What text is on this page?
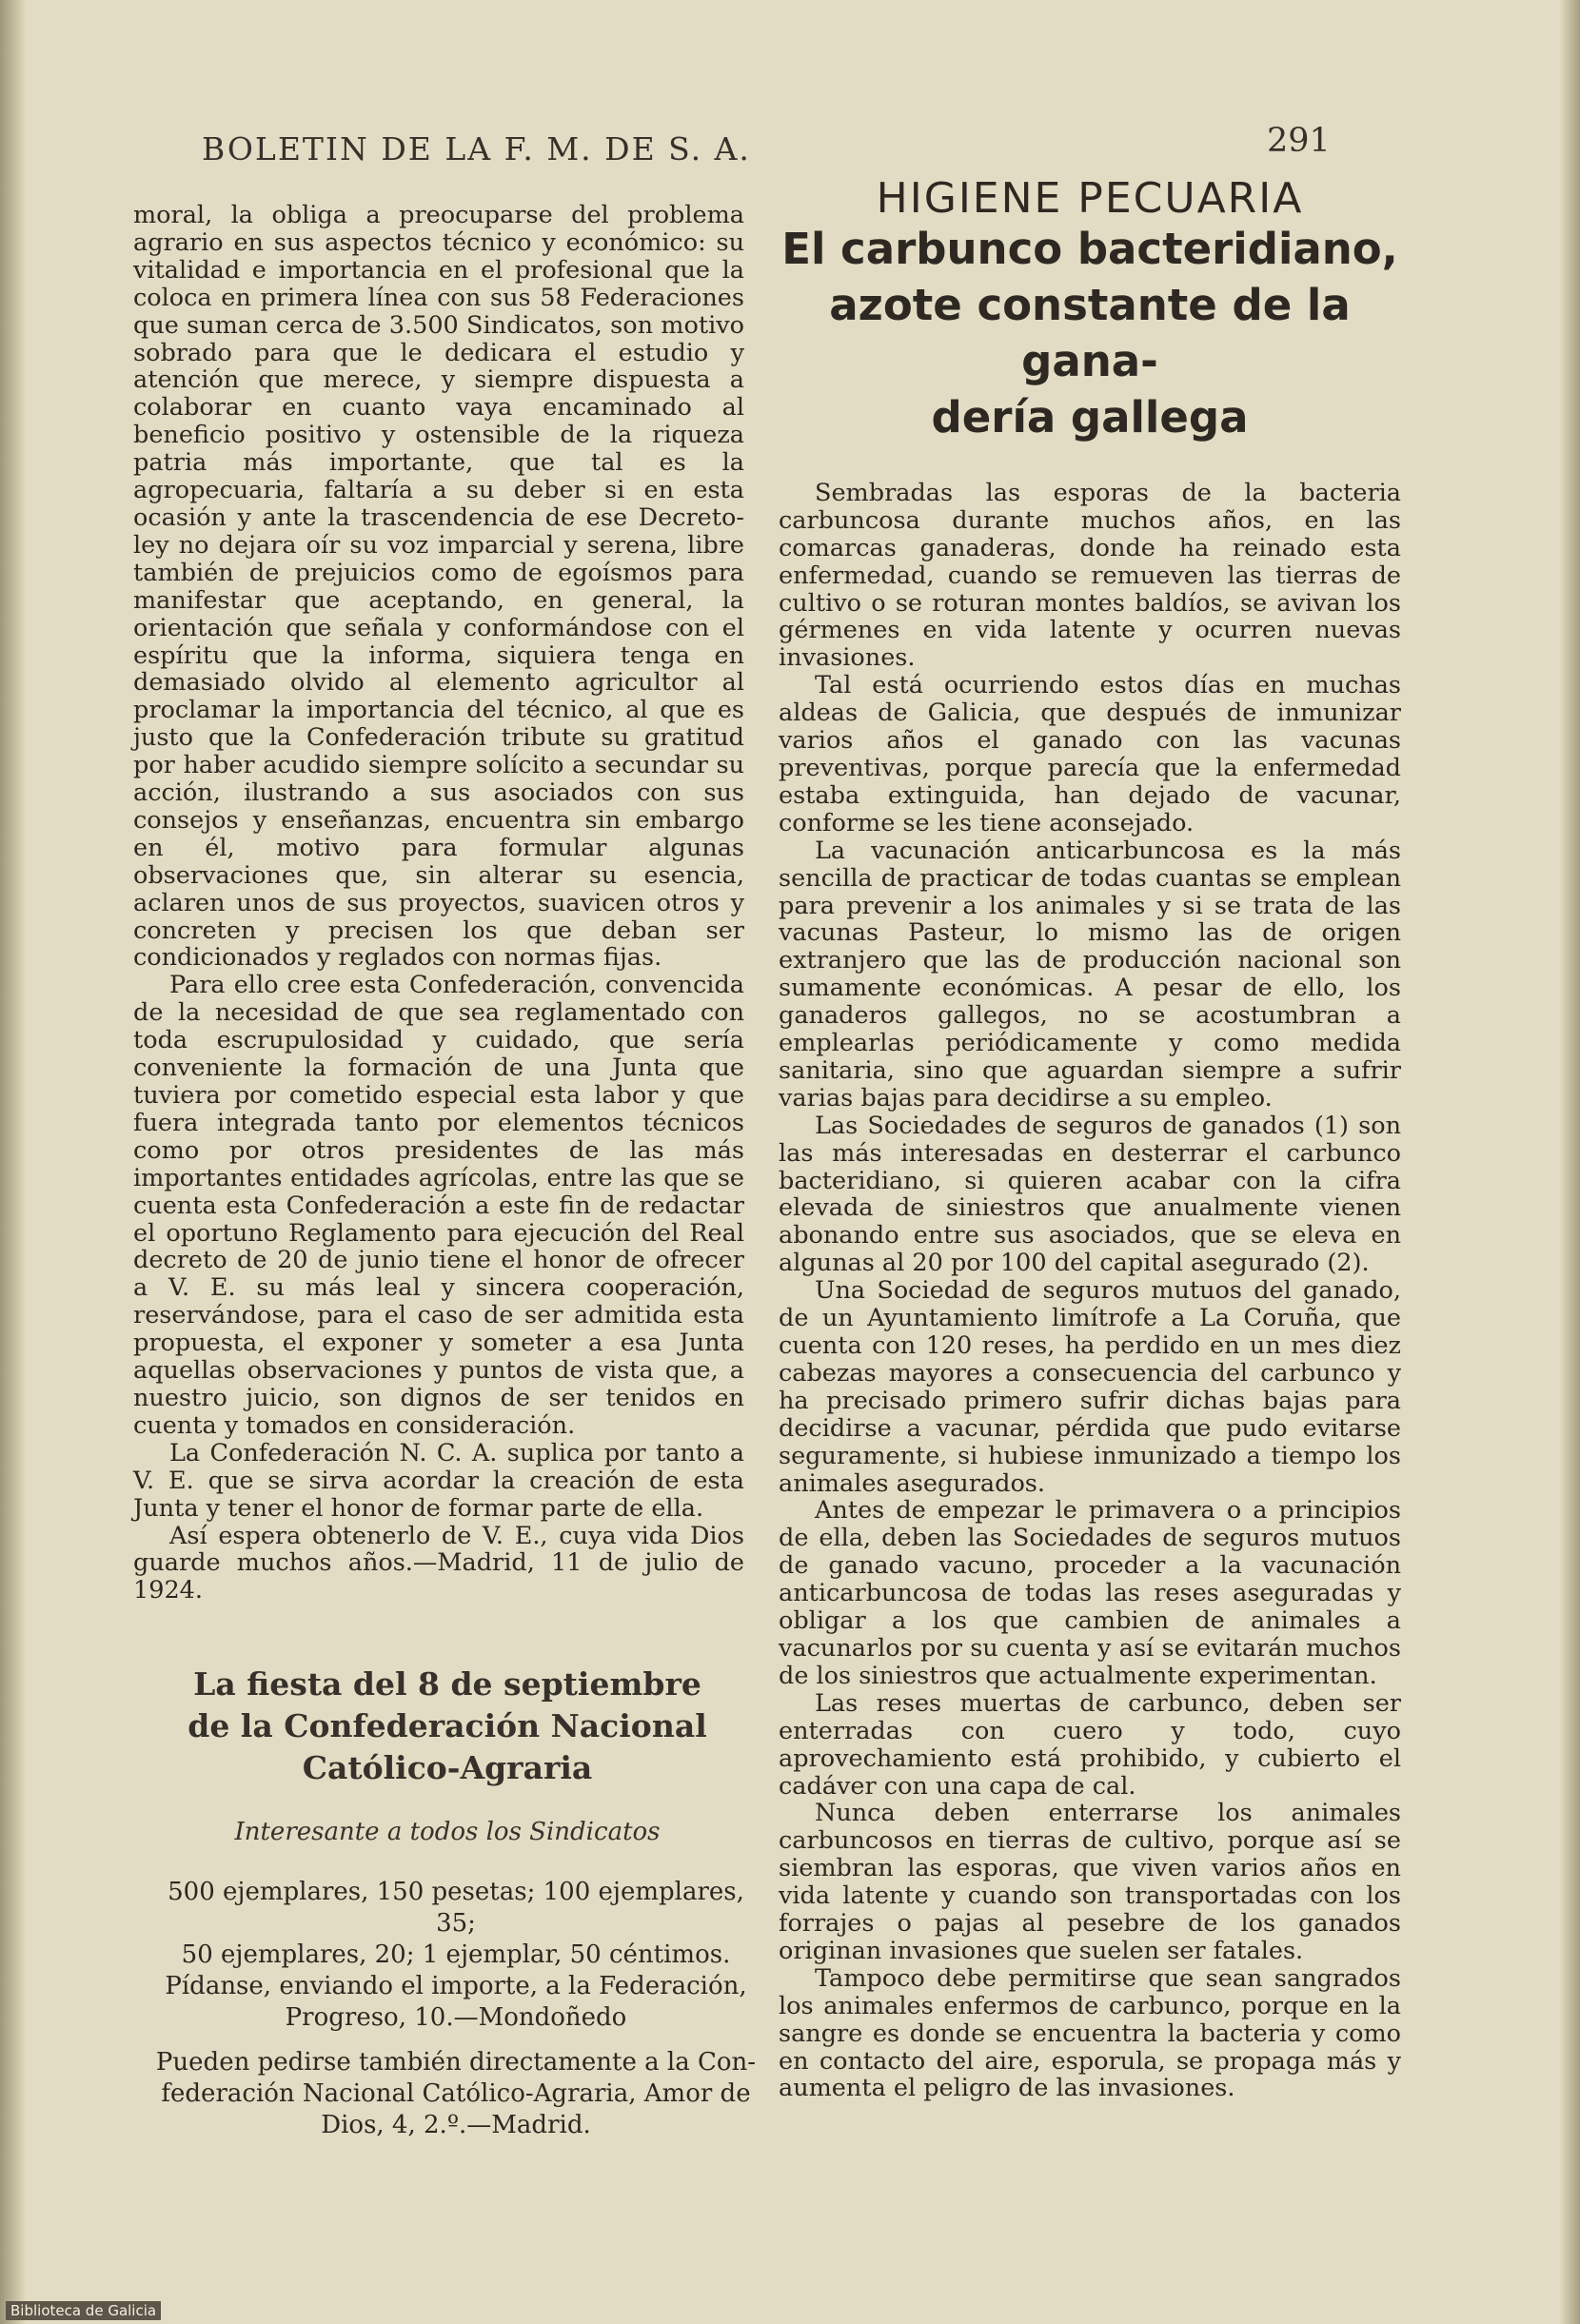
BOLETIN DE LA F. M. DE S. A.	291

moral, la obliga a preocuparse del problema agrario en sus aspectos técnico y económico: su vitalidad e importancia en el profesional que la coloca en primera línea con sus 58 Federaciones que suman cerca de 3.500 Sindicatos, son motivo sobrado para que le dedicara el estudio y atención que merece, y siempre dispuesta a colaborar en cuanto vaya encaminado al beneficio positivo y ostensible de la riqueza patria más importante, que tal es la agropecuaria, faltaría a su deber si en esta ocasión y ante la trascendencia de ese Decreto-ley no dejara oír su voz imparcial y serena, libre también de prejuicios como de egoísmos para manifestar que aceptando, en general, la orientación que señala y conformándose con el espíritu que la informa, siquiera tenga en demasiado olvido al elemento agricultor al proclamar la importancia del técnico, al que es justo que la Confederación tribute su gratitud por haber acudido siempre solícito a secundar su acción, ilustrando a sus asociados con sus consejos y enseñanzas, encuentra sin embargo en él, motivo para formular algunas observaciones que, sin alterar su esencia, aclaren unos de sus proyectos, suavicen otros y concreten y precisen los que deban ser condicionados y reglados con normas fijas.

Para ello cree esta Confederación, convencida de la necesidad de que sea reglamentado con toda escrupulosidad y cuidado, que sería conveniente la formación de una Junta que tuviera por cometido especial esta labor y que fuera integrada tanto por elementos técnicos como por otros presidentes de las más importantes entidades agrícolas, entre las que se cuenta esta Confederación a este fin de redactar el oportuno Reglamento para ejecución del Real decreto de 20 de junio tiene el honor de ofrecer a V. E. su más leal y sincera cooperación, reservándose, para el caso de ser admitida esta propuesta, el exponer y someter a esa Junta aquellas observaciones y puntos de vista que, a nuestro juicio, son dignos de ser tenidos en cuenta y tomados en consideración.

La Confederación N. C. A. suplica por tanto a V. E. que se sirva acordar la creación de esta Junta y tener el honor de formar parte de ella.

Así espera obtenerlo de V. E., cuya vida Dios guarde muchos años.—Madrid, 11 de julio de 1924.

La fiesta del 8 de septiembre
de la Confederación Nacional
Católico-Agraria
Interesante a todos los Sindicatos
500 ejemplares, 150 pesetas; 100 ejemplares, 35;
50 ejemplares, 20; 1 ejemplar, 50 céntimos.
Pídanse, enviando el importe, a la Federación,
Progreso, 10.—Mondoñedo
Pueden pedirse también directamente a la Con-
federación Nacional Católico-Agraria, Amor de
Dios, 4, 2.º.—Madrid.
HIGIENE PECUARIA
El carbunco bacteridiano,
azote constante de la gana-
dería gallega

Sembradas las esporas de la bacteria carbuncosa durante muchos años, en las comarcas ganaderas, donde ha reinado esta enfermedad, cuando se remueven las tierras de cultivo o se roturan montes baldíos, se avivan los gérmenes en vida latente y ocurren nuevas invasiones.

Tal está ocurriendo estos días en muchas aldeas de Galicia, que después de inmunizar varios años el ganado con las vacunas preventivas, porque parecía que la enfermedad estaba extinguida, han dejado de vacunar, conforme se les tiene aconsejado.

La vacunación anticarbuncosa es la más sencilla de practicar de todas cuantas se emplean para prevenir a los animales y si se trata de las vacunas Pasteur, lo mismo las de origen extranjero que las de producción nacional son sumamente económicas. A pesar de ello, los ganaderos gallegos, no se acostumbran a emplearlas periódicamente y como medida sanitaria, sino que aguardan siempre a sufrir varias bajas para decidirse a su empleo.

Las Sociedades de seguros de ganados (1) son las más interesadas en desterrar el carbunco bacteridiano, si quieren acabar con la cifra elevada de siniestros que anualmente vienen abonando entre sus asociados, que se eleva en algunas al 20 por 100 del capital asegurado (2).

Una Sociedad de seguros mutuos del ganado, de un Ayuntamiento limítrofe a La Coruña, que cuenta con 120 reses, ha perdido en un mes diez cabezas mayores a consecuencia del carbunco y ha precisado primero sufrir dichas bajas para decidirse a vacunar, pérdida que pudo evitarse seguramente, si hubiese inmunizado a tiempo los animales asegurados.

Antes de empezar le primavera o a principios de ella, deben las Sociedades de seguros mutuos de ganado vacuno, proceder a la vacunación anticarbuncosa de todas las reses aseguradas y obligar a los que cambien de animales a vacunarlos por su cuenta y así se evitarán muchos de los siniestros que actualmente experimentan.

Las reses muertas de carbunco, deben ser enterradas con cuero y todo, cuyo aprovechamiento está prohibido, y cubierto el cadáver con una capa de cal.

Nunca deben enterrarse los animales carbuncosos en tierras de cultivo, porque así se siembran las esporas, que viven varios años en vida latente y cuando son transportadas con los forrajes o pajas al pesebre de los ganados originan invasiones que suelen ser fatales.

Tampoco debe permitirse que sean sangrados los animales enfermos de carbunco, porque en la sangre es donde se encuentra la bacteria y como en contacto del aire, esporula, se propaga más y aumenta el peligro de las invasiones.

Biblioteca de Galicia
